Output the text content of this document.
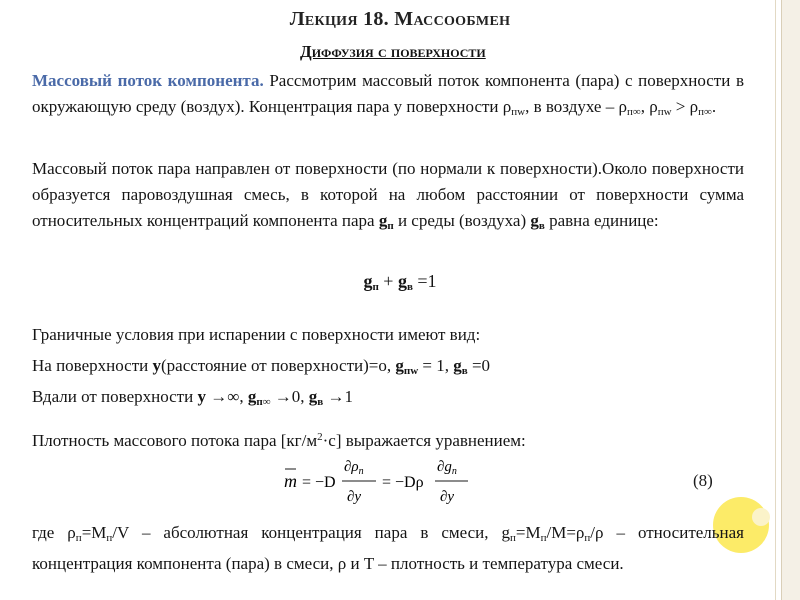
Лекция 18. Массообмен
Диффузия с поверхности
Массовый поток компонента. Рассмотрим массовый поток компонента (пара) с поверхности в окружающую среду (воздух). Концентрация пара у поверхности $\rho_{пw}$, в воздухе – $\rho_{п\infty}$, $\rho_{пw} > \rho_{п\infty}$.
Массовый поток пара направлен от поверхности (по нормали к поверхности).Около поверхности образуется паровоздушная смесь, в которой на любом расстоянии от поверхности сумма относительных концентраций компонента пара $g_п$ и среды (воздуха) $g_в$ равна единице:
$g_п + g_в =1$
Граничные условия при испарении с поверхности имеют вид:
На поверхности y(расстояние от поверхности)=о, $g_{пw} = 1$, $g_в =0$
Вдали от поверхности y →∞, $g_{п\infty} \to 0$, $g_в \to 1$
Плотность массового потока пара $[кг/м^2\cdot с]$ выражается уравнением:
m = −D
$\partial\rho_п$
∂y
= −Dρ
$\partial g_п$
∂y
(8)
где $\rho_п=M_п/V$ – абсолютная концентрация пара в смеси, $g_п=M_п/M=\rho_п/\rho$ – относительная концентрация компонента (пара) в смеси, ρ и T – плотность и температура смеси.
